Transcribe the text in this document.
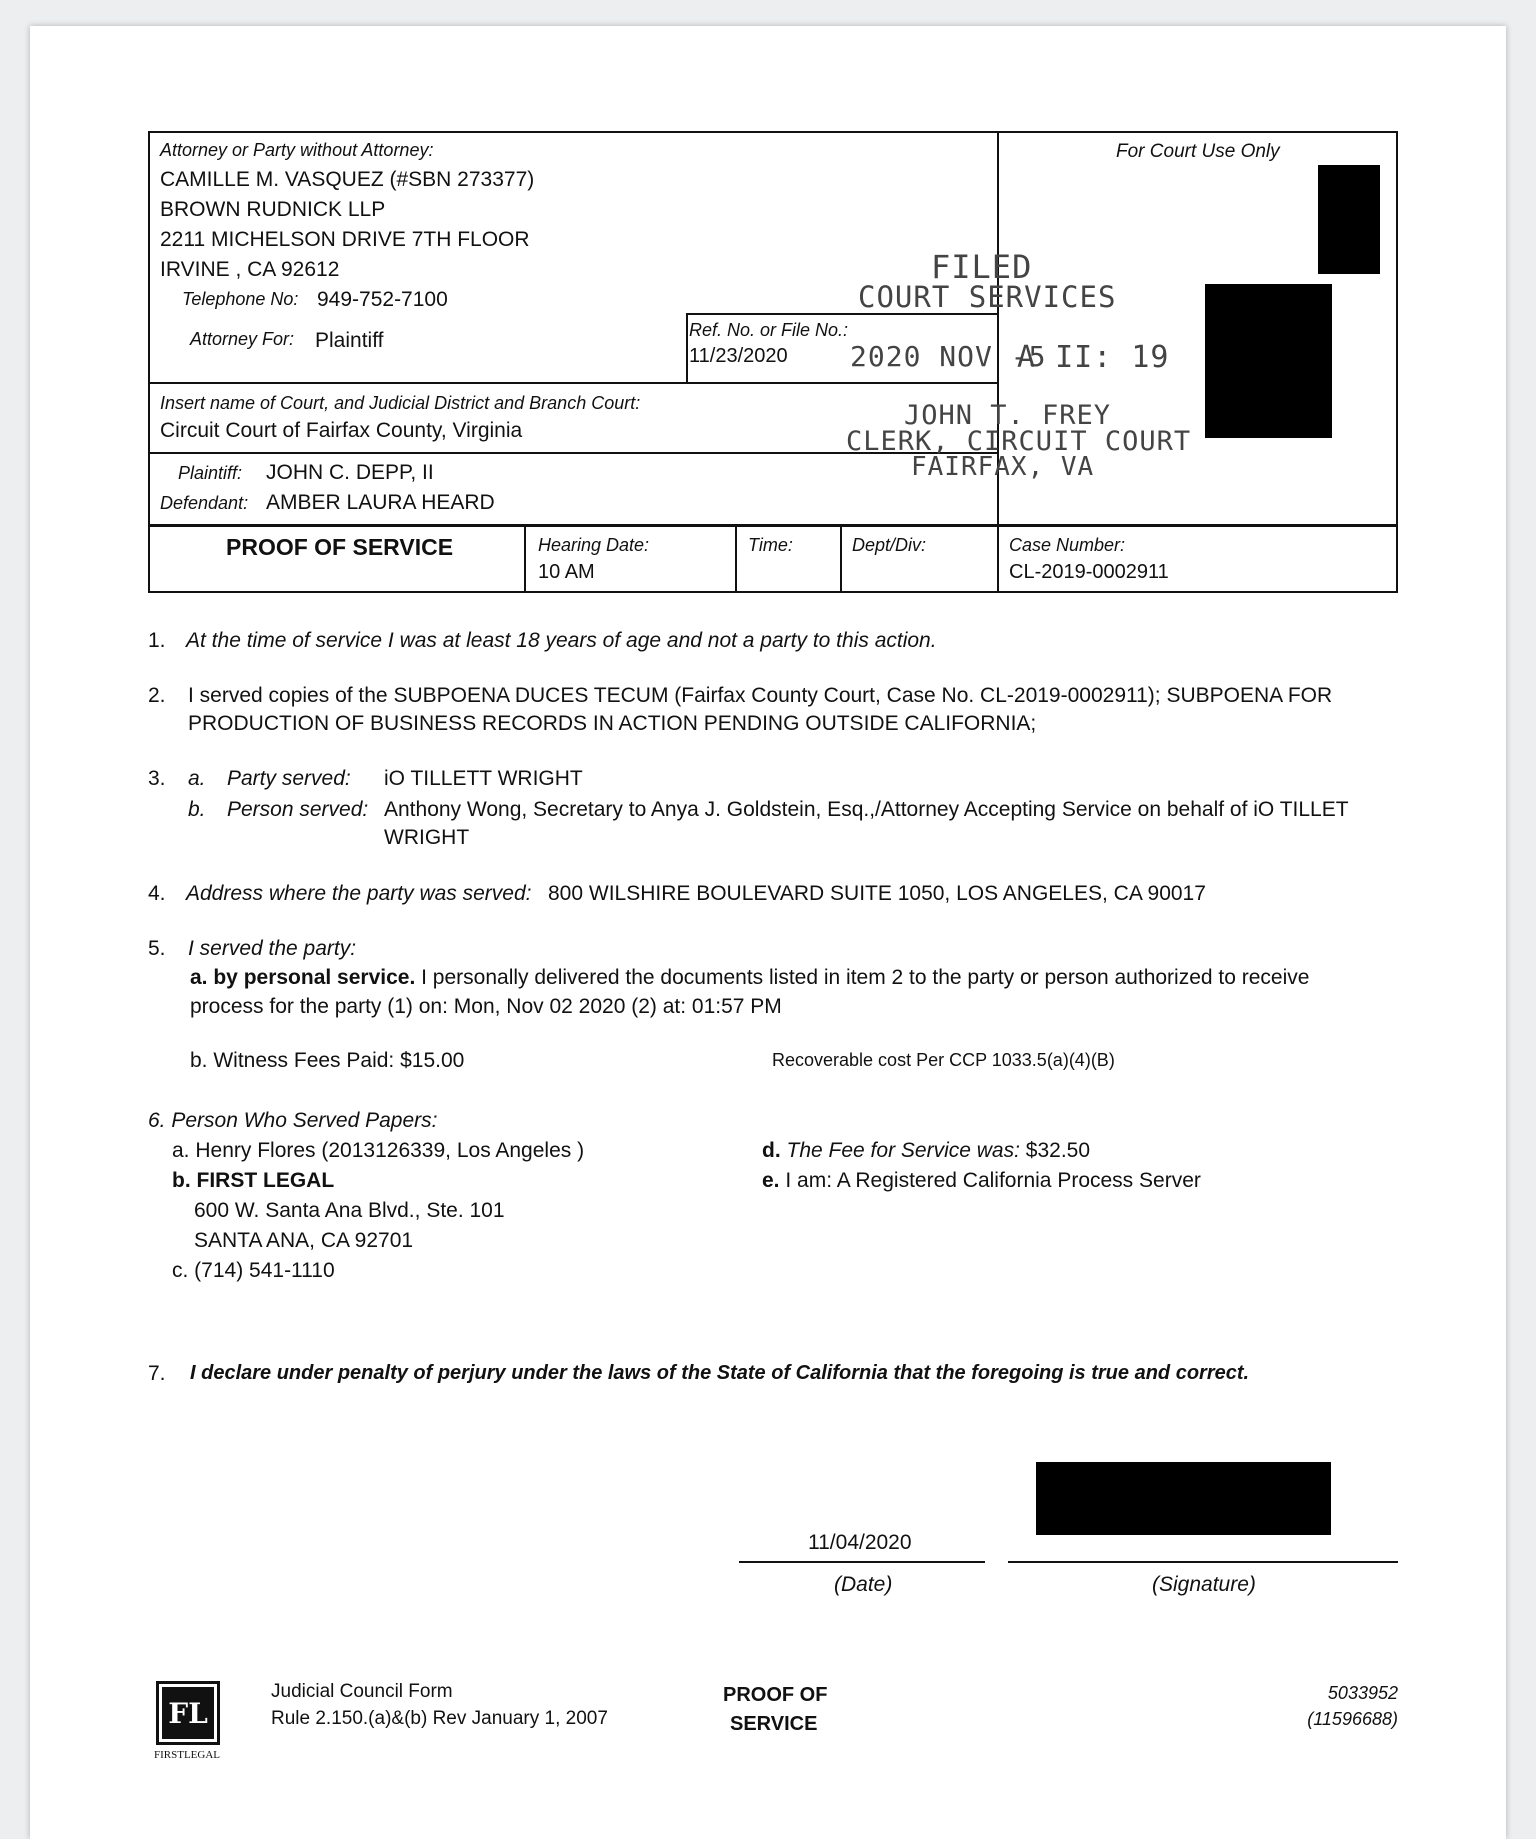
Attorney or Party without Attorney:
CAMILLE M. VASQUEZ (#SBN 273377)
BROWN RUDNICK LLP
2211 MICHELSON DRIVE 7TH FLOOR
IRVINE , CA 92612
Telephone No: 949-752-7100
Attorney For: Plaintiff	Ref. No. or File No.:
11/23/2020
For Court Use Only
Insert name of Court, and Judicial District and Branch Court:
Circuit Court of Fairfax County, Virginia
Plaintiff: JOHN C. DEPP, II
Defendant: AMBER LAURA HEARD
PROOF OF SERVICE	Hearing Date:
10 AM
Time:	Dept/Div:	Case Number:
CL-2019-0002911
FILED
COURT SERVICES
2020 NOV -5
A II: 19
JOHN T. FREY
CLERK, CIRCUIT COURT
FAIRFAX, VA
1. At the time of service I was at least 18 years of age and not a party to this action.
2. I served copies of the SUBPOENA DUCES TECUM (Fairfax County Court, Case No. CL-2019-0002911); SUBPOENA FOR
PRODUCTION OF BUSINESS RECORDS IN ACTION PENDING OUTSIDE CALIFORNIA;
3. a. Party served: iO TILLETT WRIGHT
b. Person served: Anthony Wong, Secretary to Anya J. Goldstein, Esq.,/Attorney Accepting Service on behalf of iO TILLET
WRIGHT
4. Address where the party was served: 800 WILSHIRE BOULEVARD SUITE 1050, LOS ANGELES, CA 90017
5. I served the party:
a. by personal service. I personally delivered the documents listed in item 2 to the party or person authorized to receive
process for the party (1) on: Mon, Nov 02 2020 (2) at: 01:57 PM
b. Witness Fees Paid: $15.00	Recoverable cost Per CCP 1033.5(a)(4)(B)
6. Person Who Served Papers:
a. Henry Flores (2013126339, Los Angeles )
b. FIRST LEGAL
600 W. Santa Ana Blvd., Ste. 101
SANTA ANA, CA 92701
c. (714) 541-1110
d. The Fee for Service was: $32.50
e. I am: A Registered California Process Server
7. I declare under penalty of perjury under the laws of the State of California that the foregoing is true and correct.
11/04/2020
(Date)	(Signature)
FL
FIRSTLEGAL
Judicial Council Form
Rule 2.150.(a)&(b) Rev January 1, 2007
PROOF OF
SERVICE
5033952
(11596688)
